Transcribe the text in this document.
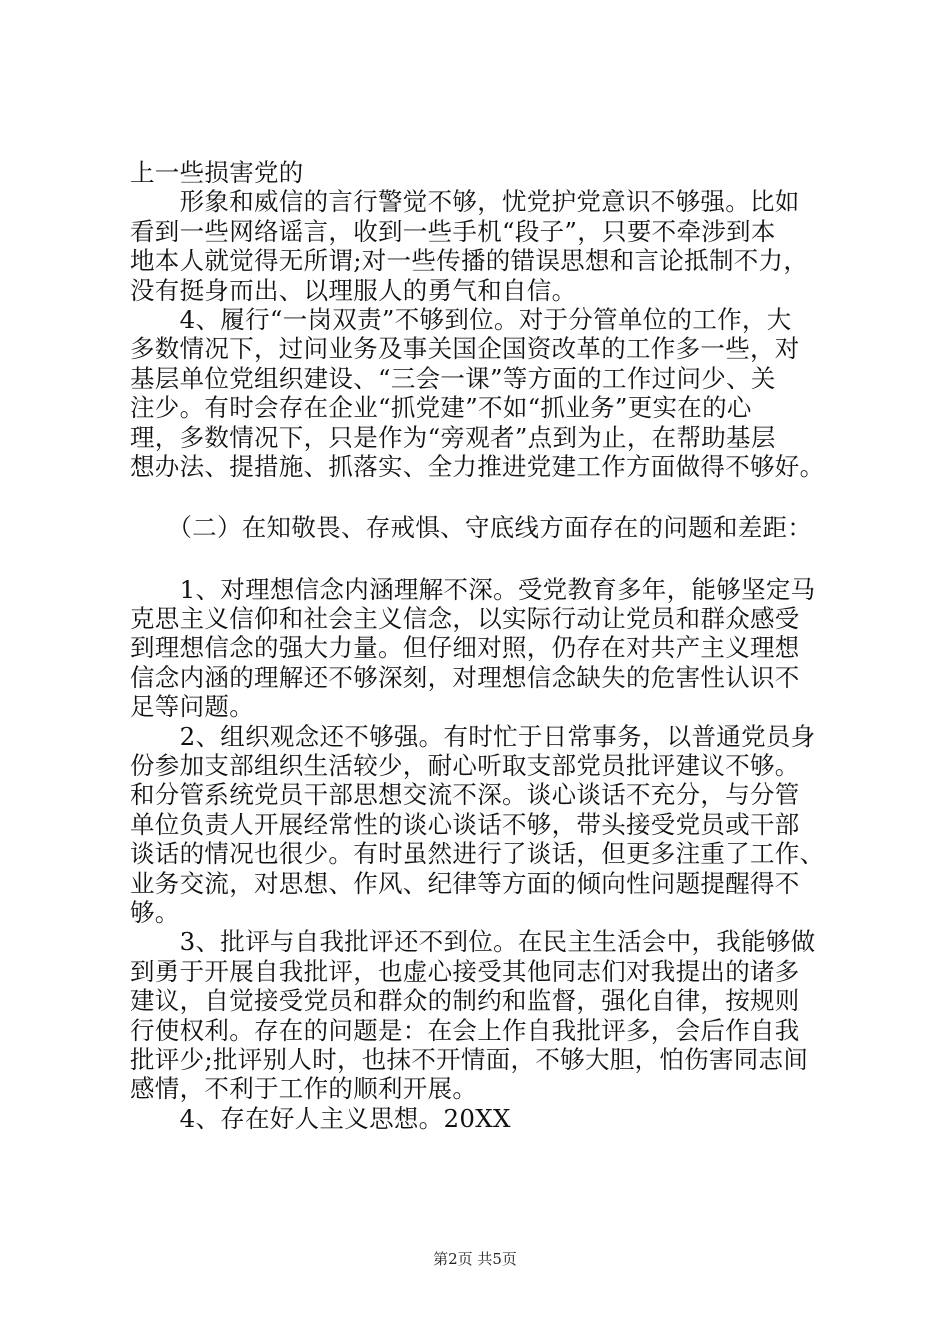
上一些损害党的
　　形象和威信的言行警觉不够，忧党护党意识不够强。比如
看到一些网络谣言，收到一些手机“段子”，只要不牵涉到本
地本人就觉得无所谓;对一些传播的错误思想和言论抵制不力，
没有挺身而出、以理服人的勇气和自信。
　　4、履行“一岗双责”不够到位。对于分管单位的工作，大
多数情况下，过问业务及事关国企国资改革的工作多一些，对
基层单位党组织建设、“三会一课”等方面的工作过问少、关
注少。有时会存在企业“抓党建”不如“抓业务”更实在的心
理，多数情况下，只是作为“旁观者”点到为止，在帮助基层
想办法、提措施、抓落实、全力推进党建工作方面做得不够好。
　　（二）在知敬畏、存戒惧、守底线方面存在的问题和差距：
　　1、对理想信念内涵理解不深。受党教育多年，能够坚定马
克思主义信仰和社会主义信念，以实际行动让党员和群众感受
到理想信念的强大力量。但仔细对照，仍存在对共产主义理想
信念内涵的理解还不够深刻，对理想信念缺失的危害性认识不
足等问题。
　　2、组织观念还不够强。有时忙于日常事务，以普通党员身
份参加支部组织生活较少，耐心听取支部党员批评建议不够。
和分管系统党员干部思想交流不深。谈心谈话不充分，与分管
单位负责人开展经常性的谈心谈话不够，带头接受党员或干部
谈话的情况也很少。有时虽然进行了谈话，但更多注重了工作、
业务交流，对思想、作风、纪律等方面的倾向性问题提醒得不
够。
　　3、批评与自我批评还不到位。在民主生活会中，我能够做
到勇于开展自我批评，也虚心接受其他同志们对我提出的诸多
建议，自觉接受党员和群众的制约和监督，强化自律，按规则
行使权利。存在的问题是：在会上作自我批评多，会后作自我
批评少;批评别人时，也抹不开情面，不够大胆，怕伤害同志间
感情，不利于工作的顺利开展。
　　4、存在好人主义思想。20XX
第2页 共5页
